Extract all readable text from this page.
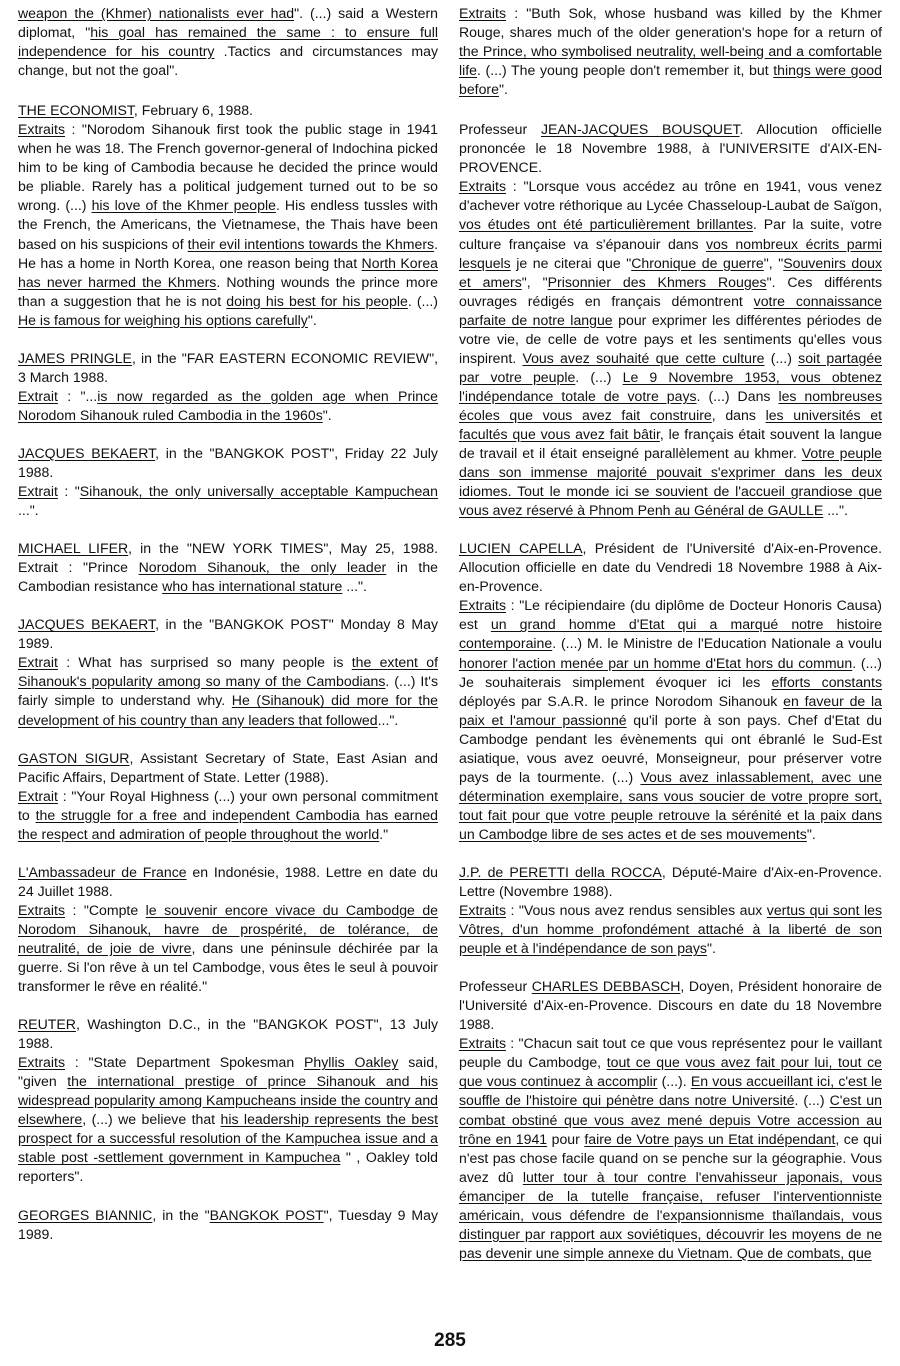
weapon the (Khmer) nationalists ever had". (...) said a Western diplomat, "his goal has remained the same : to ensure full independence for his country .Tactics and circumstances may change, but not the goal".

THE ECONOMIST, February 6, 1988.
Extraits : "Norodom Sihanouk first took the public stage in 1941 when he was 18. The French governor-general of Indochina picked him to be king of Cambodia because he decided the prince would be pliable. Rarely has a political judgement turned out to be so wrong. (...) his love of the Khmer people. His endless tussles with the French, the Americans, the Vietnamese, the Thais have been based on his suspicions of their evil intentions towards the Khmers. He has a home in North Korea, one reason being that North Korea has never harmed the Khmers. Nothing wounds the prince more than a suggestion that he is not doing his best for his people. (...) He is famous for weighing his options carefully".

JAMES PRINGLE, in the "FAR EASTERN ECONOMIC REVIEW", 3 March 1988.
Extrait : "...is now regarded as the golden age when Prince Norodom Sihanouk ruled Cambodia in the 1960s".

JACQUES BEKAERT, in the "BANGKOK POST", Friday 22 July 1988.
Extrait : "Sihanouk, the only universally acceptable Kampuchean ...".

MICHAEL LIFER, in the "NEW YORK TIMES", May 25, 1988. Extrait : "Prince Norodom Sihanouk, the only leader in the Cambodian resistance who has international stature ...".

JACQUES BEKAERT, in the "BANGKOK POST" Monday 8 May 1989.
Extrait : What has surprised so many people is the extent of Sihanouk's popularity among so many of the Cambodians. (...) It's fairly simple to understand why. He (Sihanouk) did more for the development of his country than any leaders that followed...".

GASTON SIGUR, Assistant Secretary of State, East Asian and Pacific Affairs, Department of State. Letter (1988).
Extrait : "Your Royal Highness (...) your own personal commitment to the struggle for a free and independent Cambodia has earned the respect and admiration of people throughout the world."

L'Ambassadeur de France en Indonésie, 1988. Lettre en date du 24 Juillet 1988.
Extraits : "Compte le souvenir encore vivace du Cambodge de Norodom Sihanouk, havre de prospérité, de tolérance, de neutralité, de joie de vivre, dans une péninsule déchirée par la guerre. Si l'on rêve à un tel Cambodge, vous êtes le seul à pouvoir transformer le rêve en réalité."

REUTER, Washington D.C., in the "BANGKOK POST", 13 July 1988.
Extraits : "State Department Spokesman Phyllis Oakley said, "given the international prestige of prince Sihanouk and his widespread popularity among Kampucheans inside the country and elsewhere, (...) we believe that his leadership represents the best prospect for a successful resolution of the Kampuchea issue and a stable post -settlement government in Kampuchea " , Oakley told reporters".

GEORGES BIANNIC, in the "BANGKOK POST", Tuesday 9 May 1989.

Extraits : "Buth Sok, whose husband was killed by the Khmer Rouge, shares much of the older generation's hope for a return of the Prince, who symbolised neutrality, well-being and a comfortable life. (...) The young people don't remember it, but things were good before".

Professeur JEAN-JACQUES BOUSQUET. Allocution officielle prononcée le 18 Novembre 1988, à l'UNIVERSITE d'AIX-EN-PROVENCE.
Extraits : "Lorsque vous accédez au trône en 1941, vous venez d'achever votre réthorique au Lycée Chasseloup-Laubat de Saïgon, vos études ont été particulièrement brillantes. Par la suite, votre culture française va s'épanouir dans vos nombreux écrits parmi lesquels je ne citerai que "Chronique de guerre", "Souvenirs doux et amers", "Prisonnier des Khmers Rouges". Ces différents ouvrages rédigés en français démontrent votre connaissance parfaite de notre langue pour exprimer les différentes périodes de votre vie, de celle de votre pays et les sentiments qu'elles vous inspirent. Vous avez souhaité que cette culture (...) soit partagée par votre peuple. (...) Le 9 Novembre 1953, vous obtenez l'indépendance totale de votre pays. (...) Dans les nombreuses écoles que vous avez fait construire, dans les universités et facultés que vous avez fait bâtir, le français était souvent la langue de travail et il était enseigné parallèlement au khmer. Votre peuple dans son immense majorité pouvait s'exprimer dans les deux idiomes. Tout le monde ici se souvient de l'accueil grandiose que vous avez réservé à Phnom Penh au Général de GAULLE ...".

LUCIEN CAPELLA, Président de l'Université d'Aix-en-Provence. Allocution officielle en date du Vendredi 18 Novembre 1988 à Aix-en-Provence.
Extraits : "Le récipiendaire (du diplôme de Docteur Honoris Causa) est un grand homme d'Etat qui a marqué notre histoire contemporaine. (...) M. le Ministre de l'Education Nationale a voulu honorer l'action menée par un homme d'Etat hors du commun. (...) Je souhaiterais simplement évoquer ici les efforts constants déployés par S.A.R. le prince Norodom Sihanouk en faveur de la paix et l'amour passionné qu'il porte à son pays. Chef d'Etat du Cambodge pendant les évènements qui ont ébranlé le Sud-Est asiatique, vous avez oeuvré, Monseigneur, pour préserver votre pays de la tourmente. (...) Vous avez inlassablement, avec une détermination exemplaire, sans vous soucier de votre propre sort, tout fait pour que votre peuple retrouve la sérénité et la paix dans un Cambodge libre de ses actes et de ses mouvements".

J.P. de PERETTI della ROCCA, Député-Maire d'Aix-en-Provence. Lettre (Novembre 1988).
Extraits : "Vous nous avez rendus sensibles aux vertus qui sont les Vôtres, d'un homme profondément attaché à la liberté de son peuple et à l'indépendance de son pays".

Professeur CHARLES DEBBASCH, Doyen, Président honoraire de l'Université d'Aix-en-Provence. Discours en date du 18 Novembre 1988.
Extraits : "Chacun sait tout ce que vous représentez pour le vaillant peuple du Cambodge, tout ce que vous avez fait pour lui, tout ce que vous continuez à accomplir (...). En vous accueillant ici, c'est le souffle de l'histoire qui pénètre dans notre Université. (...) C'est un combat obstiné que vous avez mené depuis Votre accession au trône en 1941 pour faire de Votre pays un Etat indépendant, ce qui n'est pas chose facile quand on se penche sur la géographie. Vous avez dû lutter tour à tour contre l'envahisseur japonais, vous émanciper de la tutelle française, refuser l'interventionniste américain, vous défendre de l'expansionnisme thaïlandais, vous distinguer par rapport aux soviétiques, découvrir les moyens de ne pas devenir une simple annexe du Vietnam. Que de combats, que

285
